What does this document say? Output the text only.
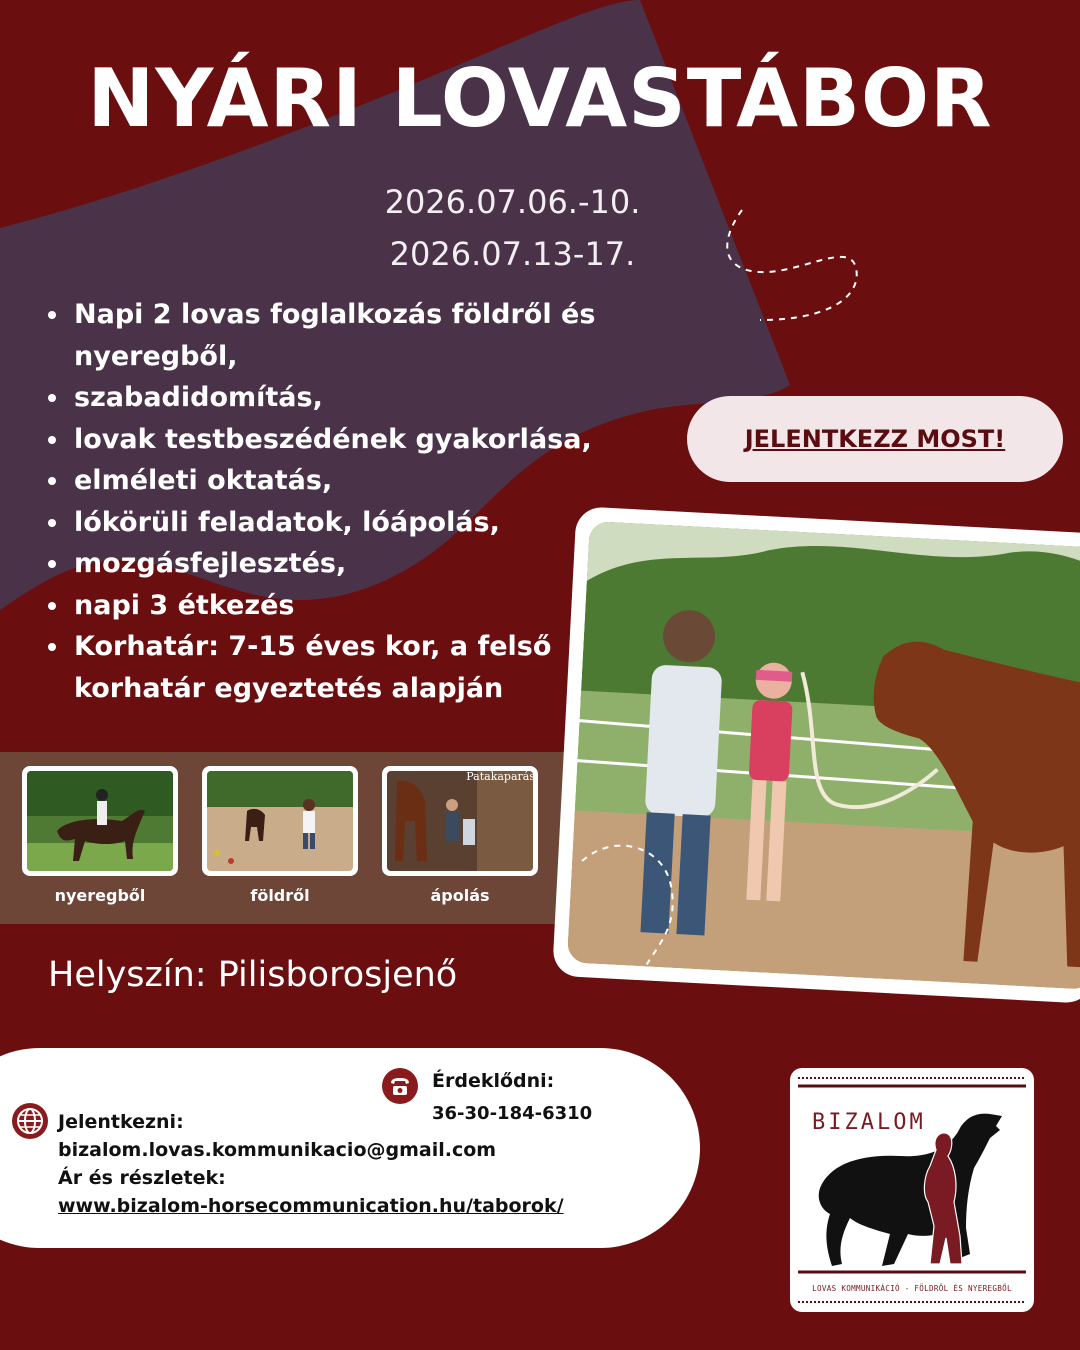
NYÁRI LOVASTÁBOR
2026.07.06.-10.
2026.07.13-17.
Napi 2 lovas foglalkozás földről és nyeregből,
szabadidomítás,
lovak testbeszédének gyakorlása,
elméleti oktatás,
lókörüli feladatok, lóápolás,
mozgásfejlesztés,
napi 3 étkezés
Korhatár: 7-15 éves kor, a felső korhatár egyeztetés alapján
JELENTKEZZ MOST!
nyeregből	földről
Patakaparás
ápolás
Helyszín: Pilisborosjenő
Érdeklődni:
36-30-184-6310
Jelentkezni:
bizalom.lovas.kommunikacio@gmail.com
Ár és részletek:
www.bizalom-horsecommunication.hu/taborok/
BIZALOM
LOVAS KOMMUNIKÁCIÓ - FÖLDRŐL ÉS NYEREGBŐL
